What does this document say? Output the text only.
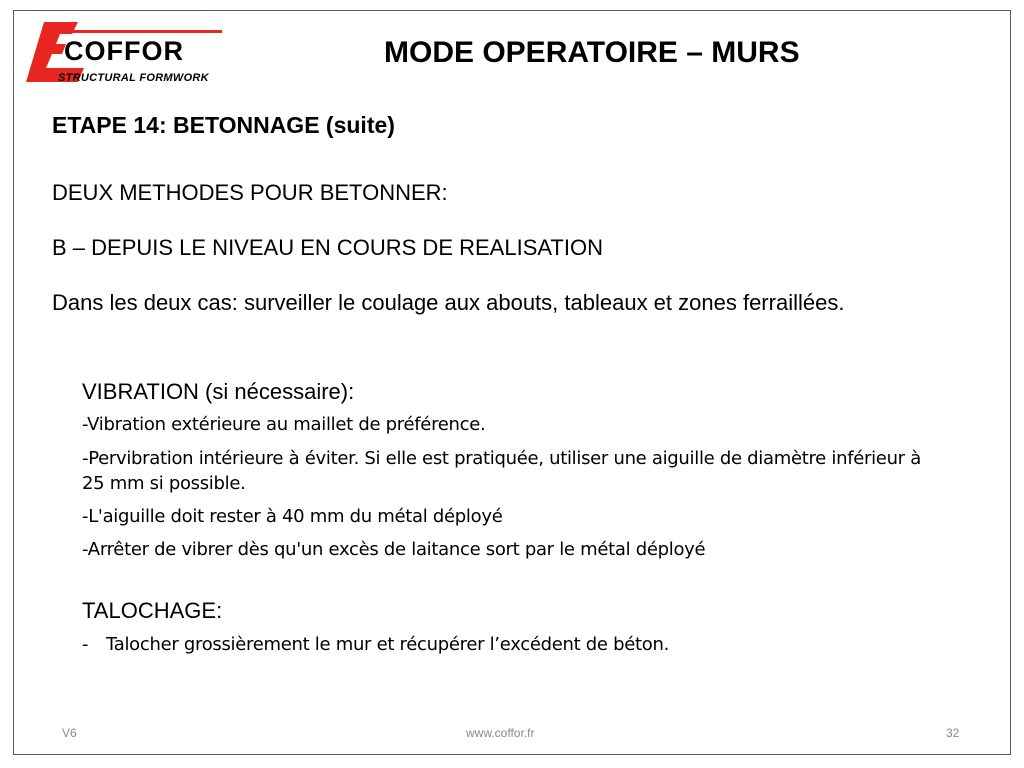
COFFOR
STRUCTURAL FORMWORK
MODE OPERATOIRE – MURS
ETAPE 14: BETONNAGE (suite)
DEUX METHODES POUR BETONNER:
B – DEPUIS LE NIVEAU EN COURS DE REALISATION
Dans les deux cas: surveiller le coulage aux abouts, tableaux et zones ferraillées.
VIBRATION (si nécessaire):
-Vibration extérieure au maillet de préférence.
-Pervibration intérieure à éviter. Si elle est pratiquée, utiliser une aiguille de diamètre inférieur à 25 mm si possible.
-L'aiguille doit rester à 40 mm du métal déployé
-Arrêter de vibrer dès qu'un excès de laitance sort par le métal déployé
TALOCHAGE:
- Talocher grossièrement le mur et récupérer l’excédent de béton.
V6	www.coffor.fr	32
